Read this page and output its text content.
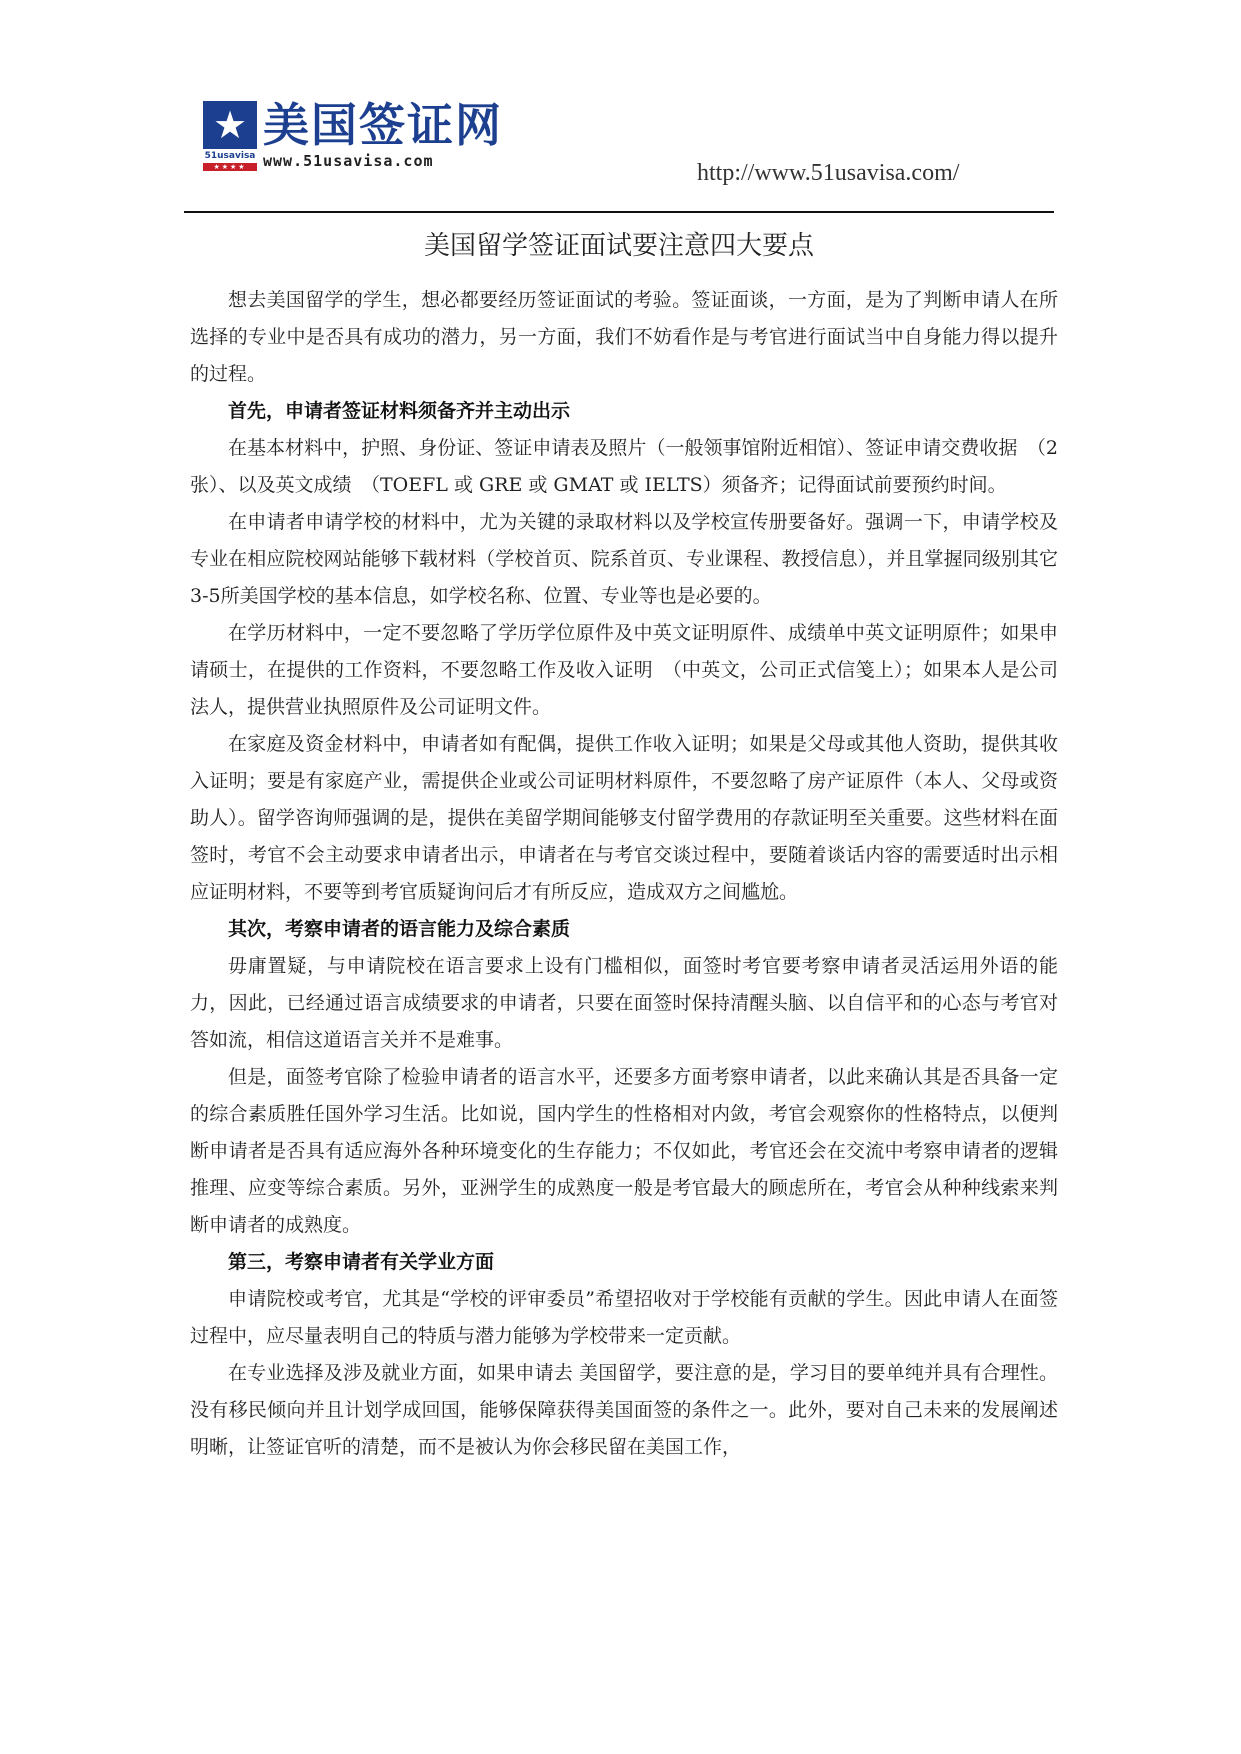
★
51usavisa
★★★★
美国签证网
www.51usavisa.com	http://www.51usavisa.com/
美国留学签证面试要注意四大要点

想去美国留学的学生，想必都要经历签证面试的考验。签证面谈，一方面，是为了判断申请人在所选择的专业中是否具有成功的潜力，另一方面，我们不妨看作是与考官进行面试当中自身能力得以提升的过程。

首先，申请者签证材料须备齐并主动出示

在基本材料中，护照、身份证、签证申请表及照片（一般领事馆附近相馆）、签证申请交费收据　（2张）、以及英文成绩　（TOEFL 或 GRE 或 GMAT 或 IELTS）须备齐；记得面试前要预约时间。

在申请者申请学校的材料中，尤为关键的录取材料以及学校宣传册要备好。强调一下，申请学校及专业在相应院校网站能够下载材料（学校首页、院系首页、专业课程、教授信息），并且掌握同级别其它3-5所美国学校的基本信息，如学校名称、位置、专业等也是必要的。

在学历材料中，一定不要忽略了学历学位原件及中英文证明原件、成绩单中英文证明原件；如果申请硕士，在提供的工作资料，不要忽略工作及收入证明　（中英文，公司正式信笺上）；如果本人是公司法人，提供营业执照原件及公司证明文件。

在家庭及资金材料中，申请者如有配偶，提供工作收入证明；如果是父母或其他人资助，提供其收入证明；要是有家庭产业，需提供企业或公司证明材料原件，不要忽略了房产证原件（本人、父母或资助人）。留学咨询师强调的是，提供在美留学期间能够支付留学费用的存款证明至关重要。这些材料在面签时，考官不会主动要求申请者出示，申请者在与考官交谈过程中，要随着谈话内容的需要适时出示相应证明材料，不要等到考官质疑询问后才有所反应，造成双方之间尴尬。

其次，考察申请者的语言能力及综合素质

毋庸置疑，与申请院校在语言要求上设有门槛相似，面签时考官要考察申请者灵活运用外语的能力，因此，已经通过语言成绩要求的申请者，只要在面签时保持清醒头脑、以自信平和的心态与考官对答如流，相信这道语言关并不是难事。

但是，面签考官除了检验申请者的语言水平，还要多方面考察申请者，以此来确认其是否具备一定的综合素质胜任国外学习生活。比如说，国内学生的性格相对内敛，考官会观察你的性格特点，以便判断申请者是否具有适应海外各种环境变化的生存能力；不仅如此，考官还会在交流中考察申请者的逻辑推理、应变等综合素质。另外，亚洲学生的成熟度一般是考官最大的顾虑所在，考官会从种种线索来判断申请者的成熟度。

第三，考察申请者有关学业方面

申请院校或考官，尤其是“学校的评审委员”希望招收对于学校能有贡献的学生。因此申请人在面签过程中，应尽量表明自己的特质与潜力能够为学校带来一定贡献。

在专业选择及涉及就业方面，如果申请去 美国留学，要注意的是，学习目的要单纯并具有合理性。没有移民倾向并且计划学成回国，能够保障获得美国面签的条件之一。此外，要对自己未来的发展阐述明晰，让签证官听的清楚，而不是被认为你会移民留在美国工作，
